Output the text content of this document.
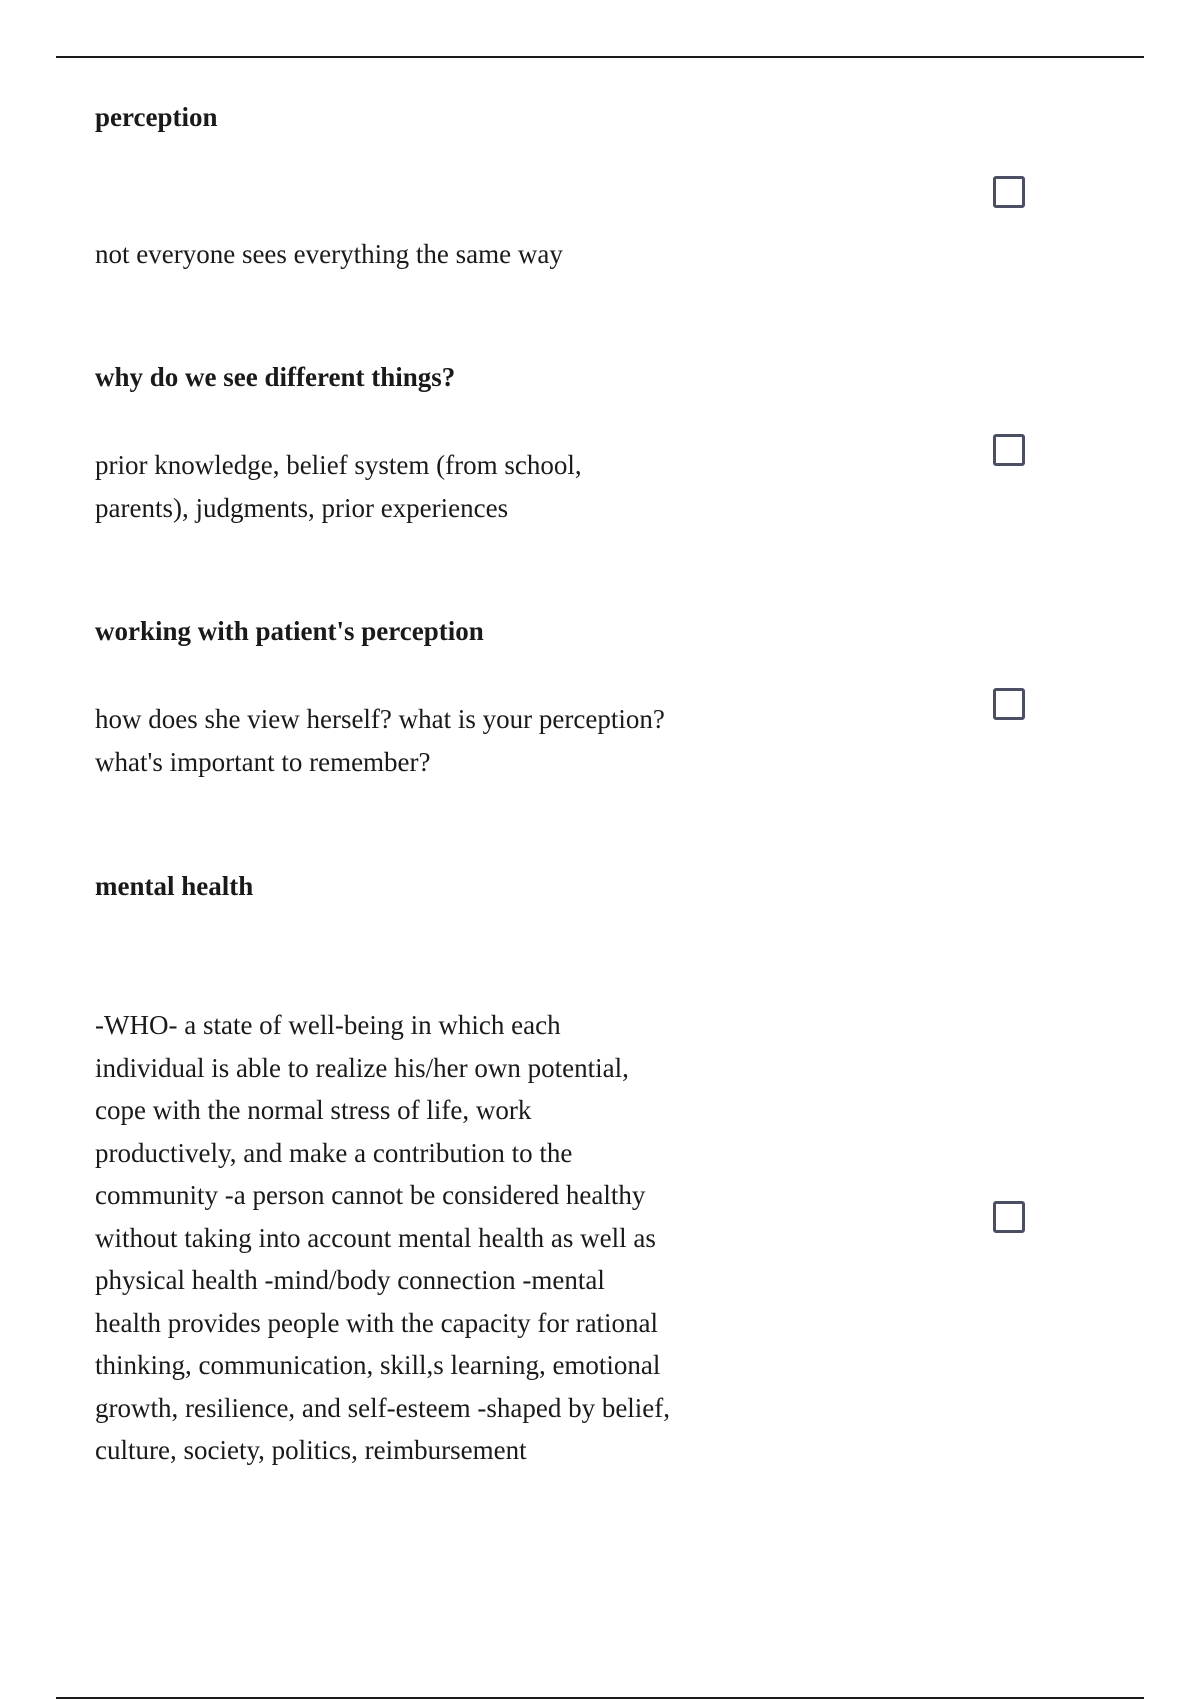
perception
not everyone sees everything the same way
why do we see different things?
prior knowledge, belief system (from school, parents), judgments, prior experiences
working with patient's perception
how does she view herself? what is your perception? what's important to remember?
mental health
-WHO- a state of well-being in which each individual is able to realize his/her own potential, cope with the normal stress of life, work productively, and make a contribution to the community -a person cannot be considered healthy without taking into account mental health as well as physical health -mind/body connection -mental health provides people with the capacity for rational thinking, communication, skill,s learning, emotional growth, resilience, and self-esteem -shaped by belief, culture, society, politics, reimbursement
